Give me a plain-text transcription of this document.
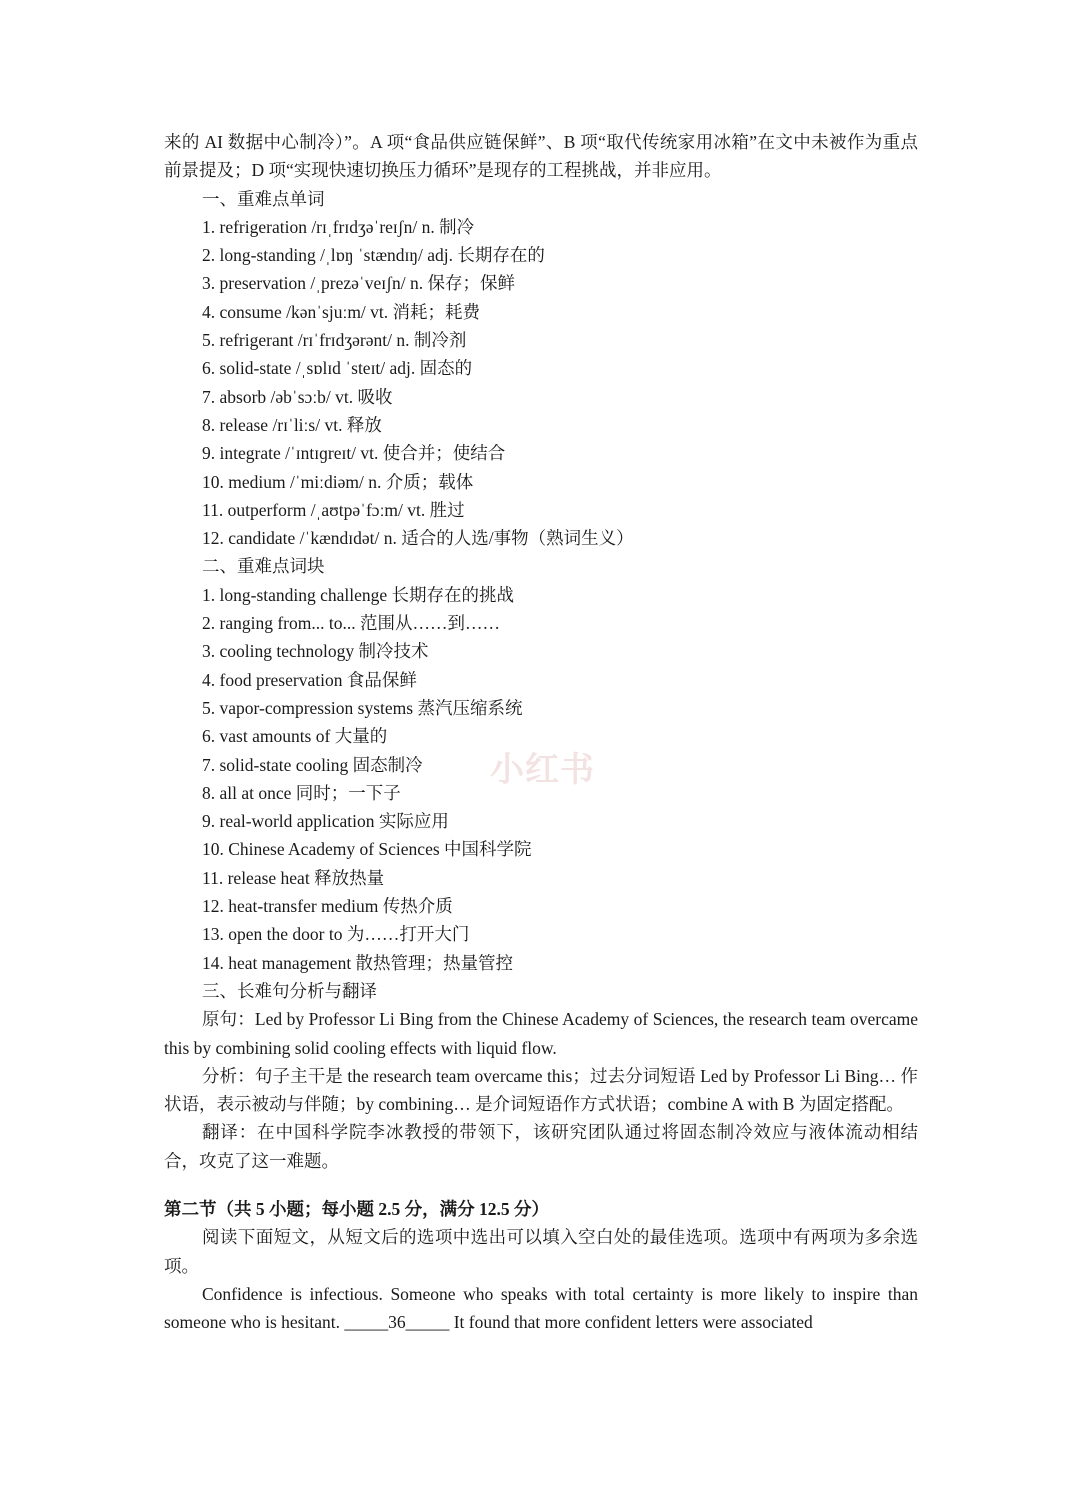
来的 AI 数据中心制冷）”。A 项“食品供应链保鲜”、B 项“取代传统家用冰箱”在文中未被作为重点前景提及；D 项“实现快速切换压力循环”是现存的工程挑战，并非应用。

一、重难点单词

1. refrigeration /rɪˌfrɪdʒəˈreɪʃn/ n. 制冷

2. long-standing /ˌlɒŋ ˈstændɪŋ/ adj. 长期存在的

3. preservation /ˌprezəˈveɪʃn/ n. 保存；保鲜

4. consume /kənˈsjuːm/ vt. 消耗；耗费

5. refrigerant /rɪˈfrɪdʒərənt/ n. 制冷剂

6. solid-state /ˌsɒlɪd ˈsteɪt/ adj. 固态的

7. absorb /əbˈsɔːb/ vt. 吸收

8. release /rɪˈliːs/ vt. 释放

9. integrate /ˈɪntɪɡreɪt/ vt. 使合并；使结合

10. medium /ˈmiːdiəm/ n. 介质；载体

11. outperform /ˌaʊtpəˈfɔːm/ vt. 胜过

12. candidate /ˈkændɪdət/ n. 适合的人选/事物（熟词生义）

二、重难点词块

1. long-standing challenge 长期存在的挑战

2. ranging from... to... 范围从……到……

3. cooling technology 制冷技术

4. food preservation 食品保鲜

5. vapor-compression systems 蒸汽压缩系统

6. vast amounts of 大量的

7. solid-state cooling 固态制冷

8. all at once 同时；一下子

9. real-world application 实际应用

10. Chinese Academy of Sciences 中国科学院

11. release heat 释放热量

12. heat-transfer medium 传热介质

13. open the door to 为……打开大门

14. heat management 散热管理；热量管控

三、长难句分析与翻译

原句：Led by Professor Li Bing from the Chinese Academy of Sciences, the research team overcame this by combining solid cooling effects with liquid flow.

分析：句子主干是 the research team overcame this；过去分词短语 Led by Professor Li Bing… 作状语，表示被动与伴随；by combining… 是介词短语作方式状语；combine A with B 为固定搭配。

翻译：在中国科学院李冰教授的带领下，该研究团队通过将固态制冷效应与液体流动相结合，攻克了这一难题。

第二节（共 5 小题；每小题 2.5 分，满分 12.5 分）

阅读下面短文，从短文后的选项中选出可以填入空白处的最佳选项。选项中有两项为多余选项。

Confidence is infectious. Someone who speaks with total certainty is more likely to inspire than someone who is hesitant. _____36_____ It found that more confident letters were associated

小红书
